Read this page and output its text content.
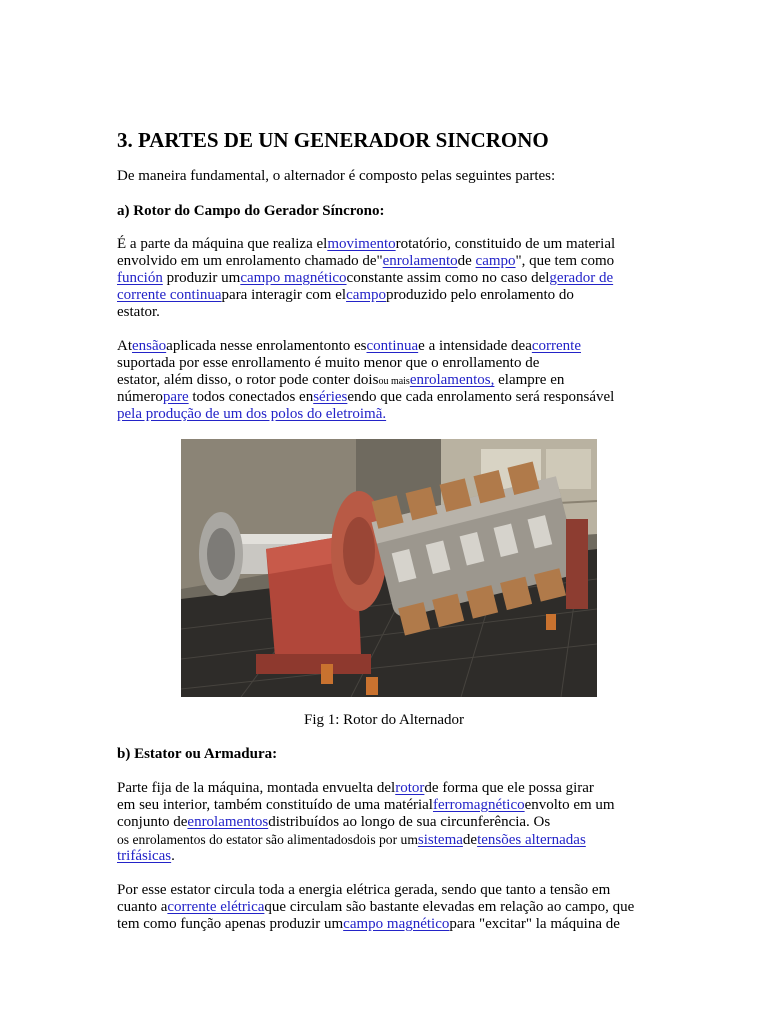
3. PARTES DE UN GENERADOR SINCRONO
De maneira fundamental, o alternador é composto pelas seguintes partes:
a) Rotor do Campo do Gerador Síncrono:
É a parte da máquina que realiza elmovimentorotatório, constituido de um material
envolvido em um enrolamento chamado de"enrolamentode campo", que tem como
función produzir umcampo magnéticoconstante assim como no caso delgerador de
corrente continuapara interagir com elcampoproduzido pelo enrolamento do
estator.
Atensãoaplicada nesse enrolamentonto escontinuae a intensidade deacorrente
suportada por esse enrollamento é muito menor que o enrollamento de
estator, além disso, o rotor pode conter doisou maisenrolamentos, elampre en
númeropare todos conectados ensériesendo que cada enrolamento será responsável
pela produção de um dos polos do eletroimã.
Fig 1: Rotor do Alternador
b) Estator ou Armadura:
Parte fija de la máquina, montada envuelta delrotorde forma que ele possa girar
em seu interior, também constituído de uma matérialferromagnéticoenvolto em um
conjunto deenrolamentosdistribuídos ao longo de sua circunferência. Os
os enrolamentos do estator são alimentadosdois por umsistemadetensões alternadas
trifásicas.
Por esse estator circula toda a energia elétrica gerada, sendo que tanto a tensão em
cuanto acorrente elétricaque circulam são bastante elevadas em relação ao campo, que
tem como função apenas produzir umcampo magnéticopara "excitar" la máquina de
